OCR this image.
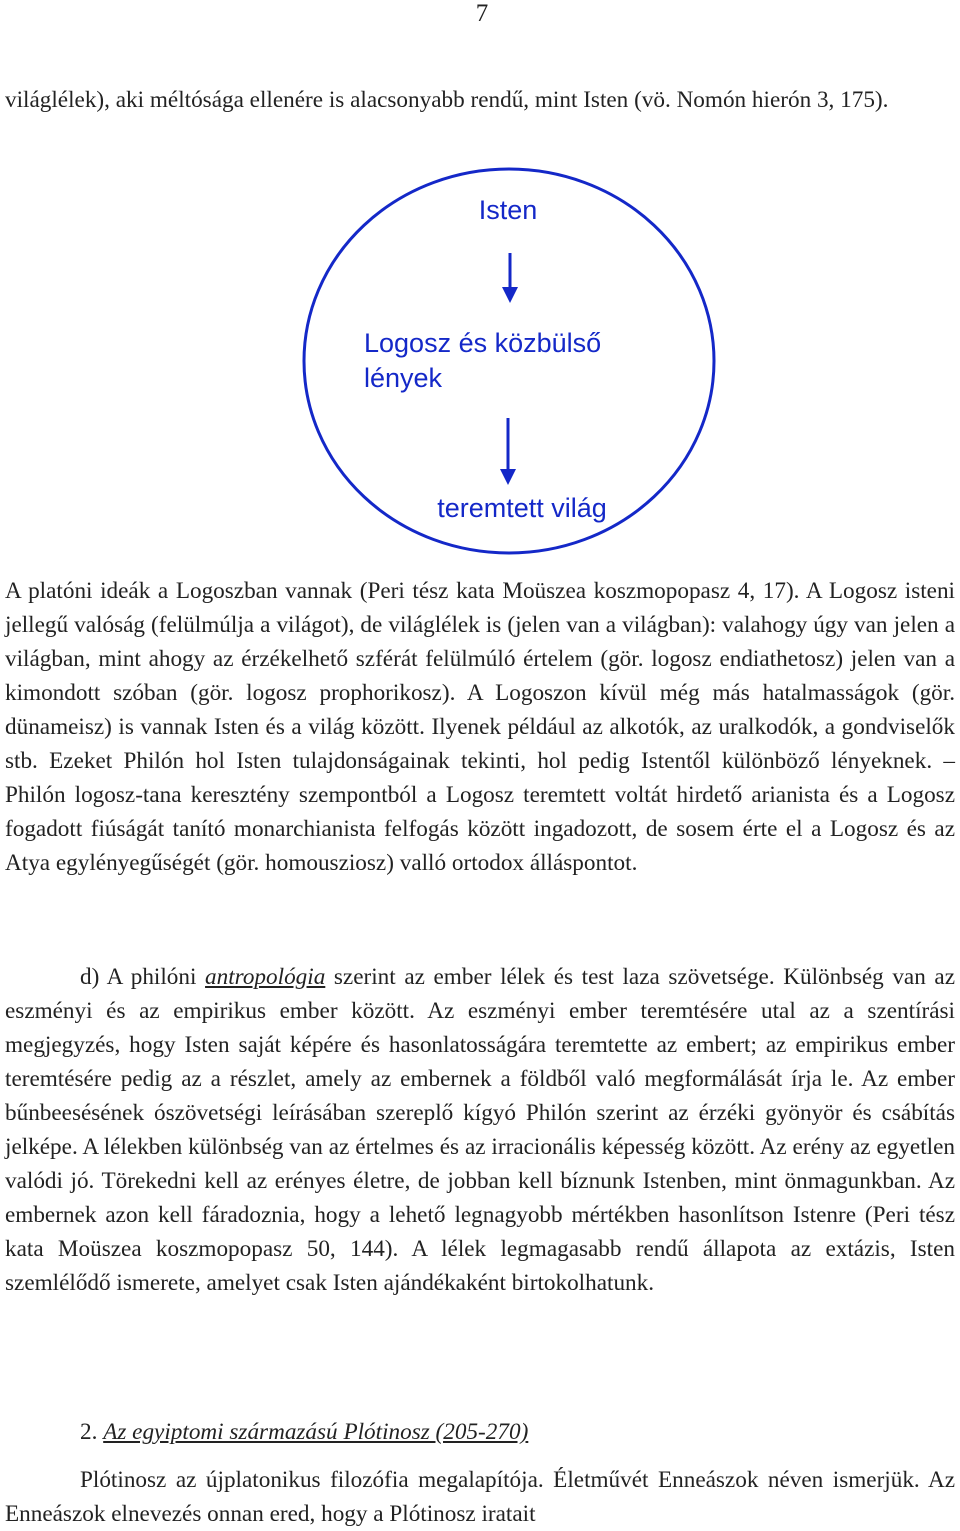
7

világlélek), aki méltósága ellenére is alacsonyabb rendű, mint Isten (vö. Nomón hierón 3, 175).

Isten
Logosz és közbülső
lények
teremtett világ

A platóni ideák a Logoszban vannak (Peri tész kata Moüszea koszmopopasz 4, 17). A Logosz isteni jellegű valóság (felülmúlja a világot), de világlélek is (jelen van a világban): valahogy úgy van jelen a világban, mint ahogy az érzékelhető szférát felülmúló értelem (gör. logosz endiathetosz) jelen van a kimondott szóban (gör. logosz prophorikosz). A Logoszon kívül még más hatalmasságok (gör. dünameisz) is vannak Isten és a világ között. Ilyenek például az alkotók, az uralkodók, a gondviselők stb. Ezeket Philón hol Isten tulajdonságainak tekinti, hol pedig Istentől különböző lényeknek. – Philón logosz-tana keresztény szempontból a Logosz teremtett voltát hirdető arianista és a Logosz fogadott fiúságát tanító monarchianista felfogás között ingadozott, de sosem érte el a Logosz és az Atya egylényegűségét (gör. homousziosz) valló ortodox álláspontot.

d) A philóni antropológia szerint az ember lélek és test laza szövetsége. Különbség van az eszményi és az empirikus ember között. Az eszményi ember teremtésére utal az a szentírási megjegyzés, hogy Isten saját képére és hasonlatosságára teremtette az embert; az empirikus ember teremtésére pedig az a részlet, amely az embernek a földből való megformálását írja le. Az ember bűnbeesésének ószövetségi leírásában szereplő kígyó Philón szerint az érzéki gyönyör és csábítás jelképe. A lélekben különbség van az értelmes és az irracionális képesség között. Az erény az egyetlen valódi jó. Törekedni kell az erényes életre, de jobban kell bíznunk Istenben, mint önmagunkban. Az embernek azon kell fáradoznia, hogy a lehető legnagyobb mértékben hasonlítson Istenre (Peri tész kata Moüszea koszmopopasz 50, 144). A lélek legmagasabb rendű állapota az extázis, Isten szemlélődő ismerete, amelyet csak Isten ajándékaként birtokolhatunk.

2. Az egyiptomi származású Plótinosz (205-270)

Plótinosz az újplatonikus filozófia megalapítója. Életművét Enneászok néven ismerjük. Az Enneászok elnevezés onnan ered, hogy a Plótinosz iratait
